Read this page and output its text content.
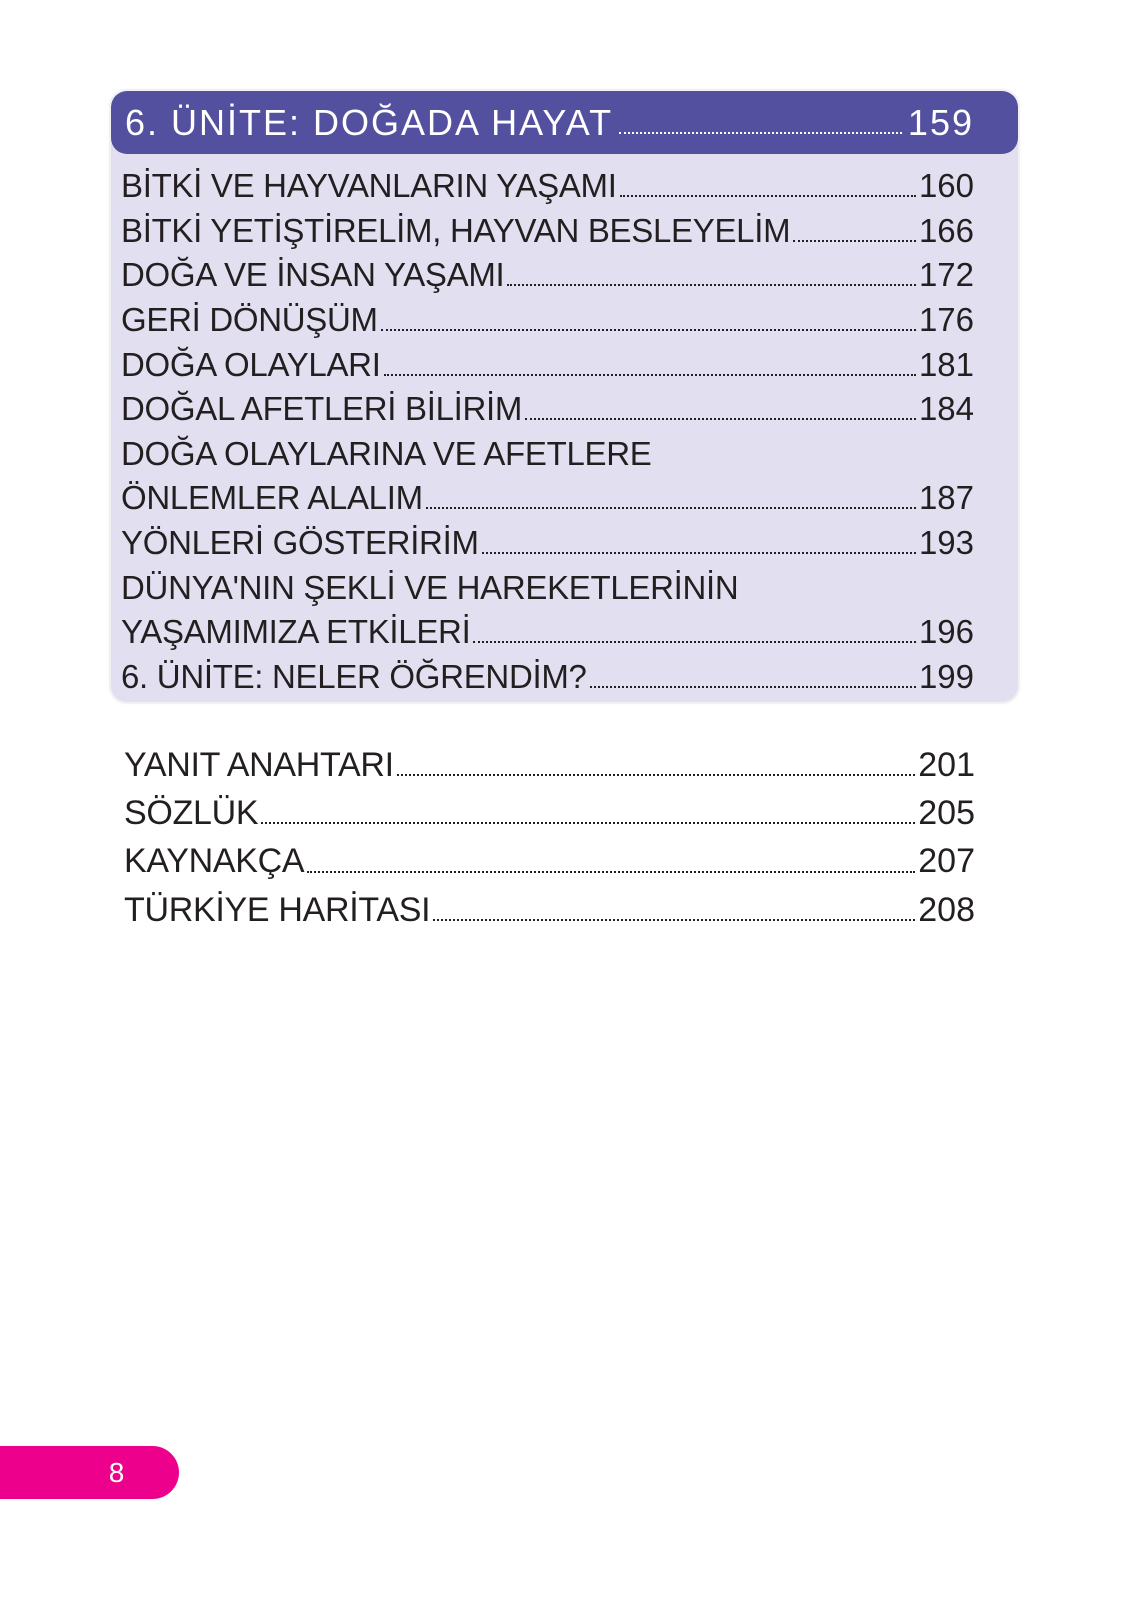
6. ÜNİTE: DOĞADA HAYAT	159
BİTKİ VE HAYVANLARIN YAŞAMI	160
BİTKİ YETİŞTİRELİM, HAYVAN BESLEYELİM	166
DOĞA VE İNSAN YAŞAMI	172
GERİ DÖNÜŞÜM	176
DOĞA OLAYLARI	181
DOĞAL AFETLERİ BİLİRİM	184
DOĞA OLAYLARINA VE AFETLERE
ÖNLEMLER ALALIM	187
YÖNLERİ GÖSTERİRİM	193
DÜNYA'NIN ŞEKLİ VE HAREKETLERİNİN
YAŞAMIMIZA ETKİLERİ	196
6. ÜNİTE: NELER ÖĞRENDİM?	199
YANIT ANAHTARI	201
SÖZLÜK	205
KAYNAKÇA	207
TÜRKİYE HARİTASI	208
8
